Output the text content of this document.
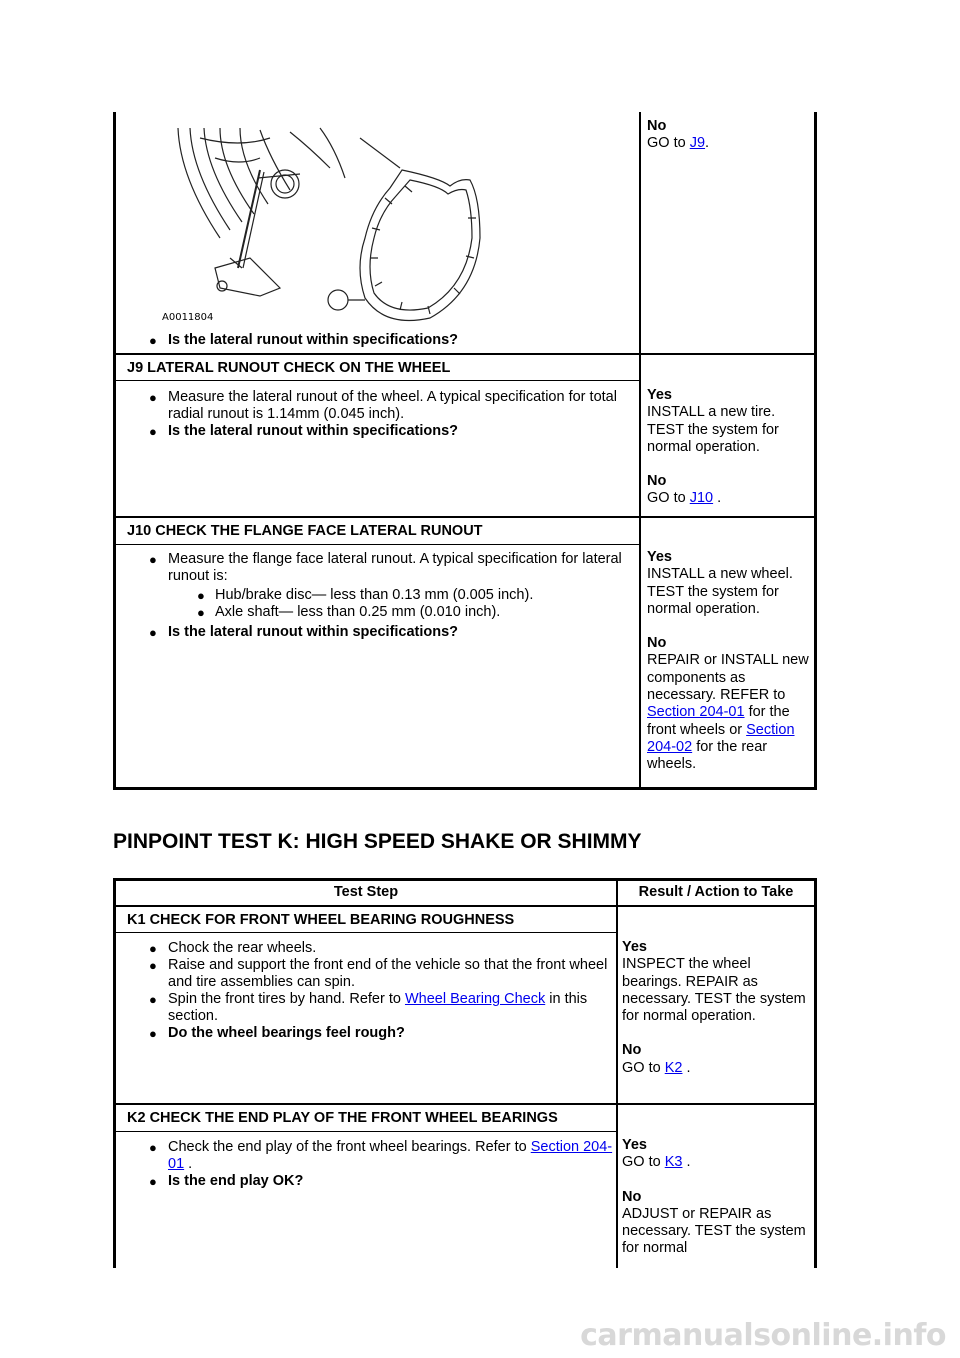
A0011804
● Is the lateral runout within specifications?

No

GO to J9.

J9 LATERAL RUNOUT CHECK ON THE WHEEL
● Measure the lateral runout of the wheel. A typical specification for total radial runout is 1.14mm (0.045 inch).
● Is the lateral runout within specifications?

Yes

INSTALL a new tire. TEST the system for normal operation.

No

GO to J10 .

J10 CHECK THE FLANGE FACE LATERAL RUNOUT
● Measure the flange face lateral runout. A typical specification for lateral runout is:
● Hub/brake disc— less than 0.13 mm (0.005 inch).
● Axle shaft— less than 0.25 mm (0.010 inch).
● Is the lateral runout within specifications?

Yes

INSTALL a new wheel. TEST the system for normal operation.

No

REPAIR or INSTALL new components as necessary. REFER to Section 204-01 for the front wheels or Section 204-02 for the rear wheels.

PINPOINT TEST K: HIGH SPEED SHAKE OR SHIMMY
Test Step	Result / Action to Take
K1 CHECK FOR FRONT WHEEL BEARING ROUGHNESS
● Chock the rear wheels.
● Raise and support the front end of the vehicle so that the front wheel and tire assemblies can spin.
● Spin the front tires by hand. Refer to Wheel Bearing Check in this section.
● Do the wheel bearings feel rough?

Yes

INSPECT the wheel bearings. REPAIR as necessary. TEST the system for normal operation.

No

GO to K2 .

K2 CHECK THE END PLAY OF THE FRONT WHEEL BEARINGS
● Check the end play of the front wheel bearings. Refer to Section 204-01 .
● Is the end play OK?

Yes

GO to K3 .

No

ADJUST or REPAIR as necessary. TEST the system for normal

carmanualsonline.info
